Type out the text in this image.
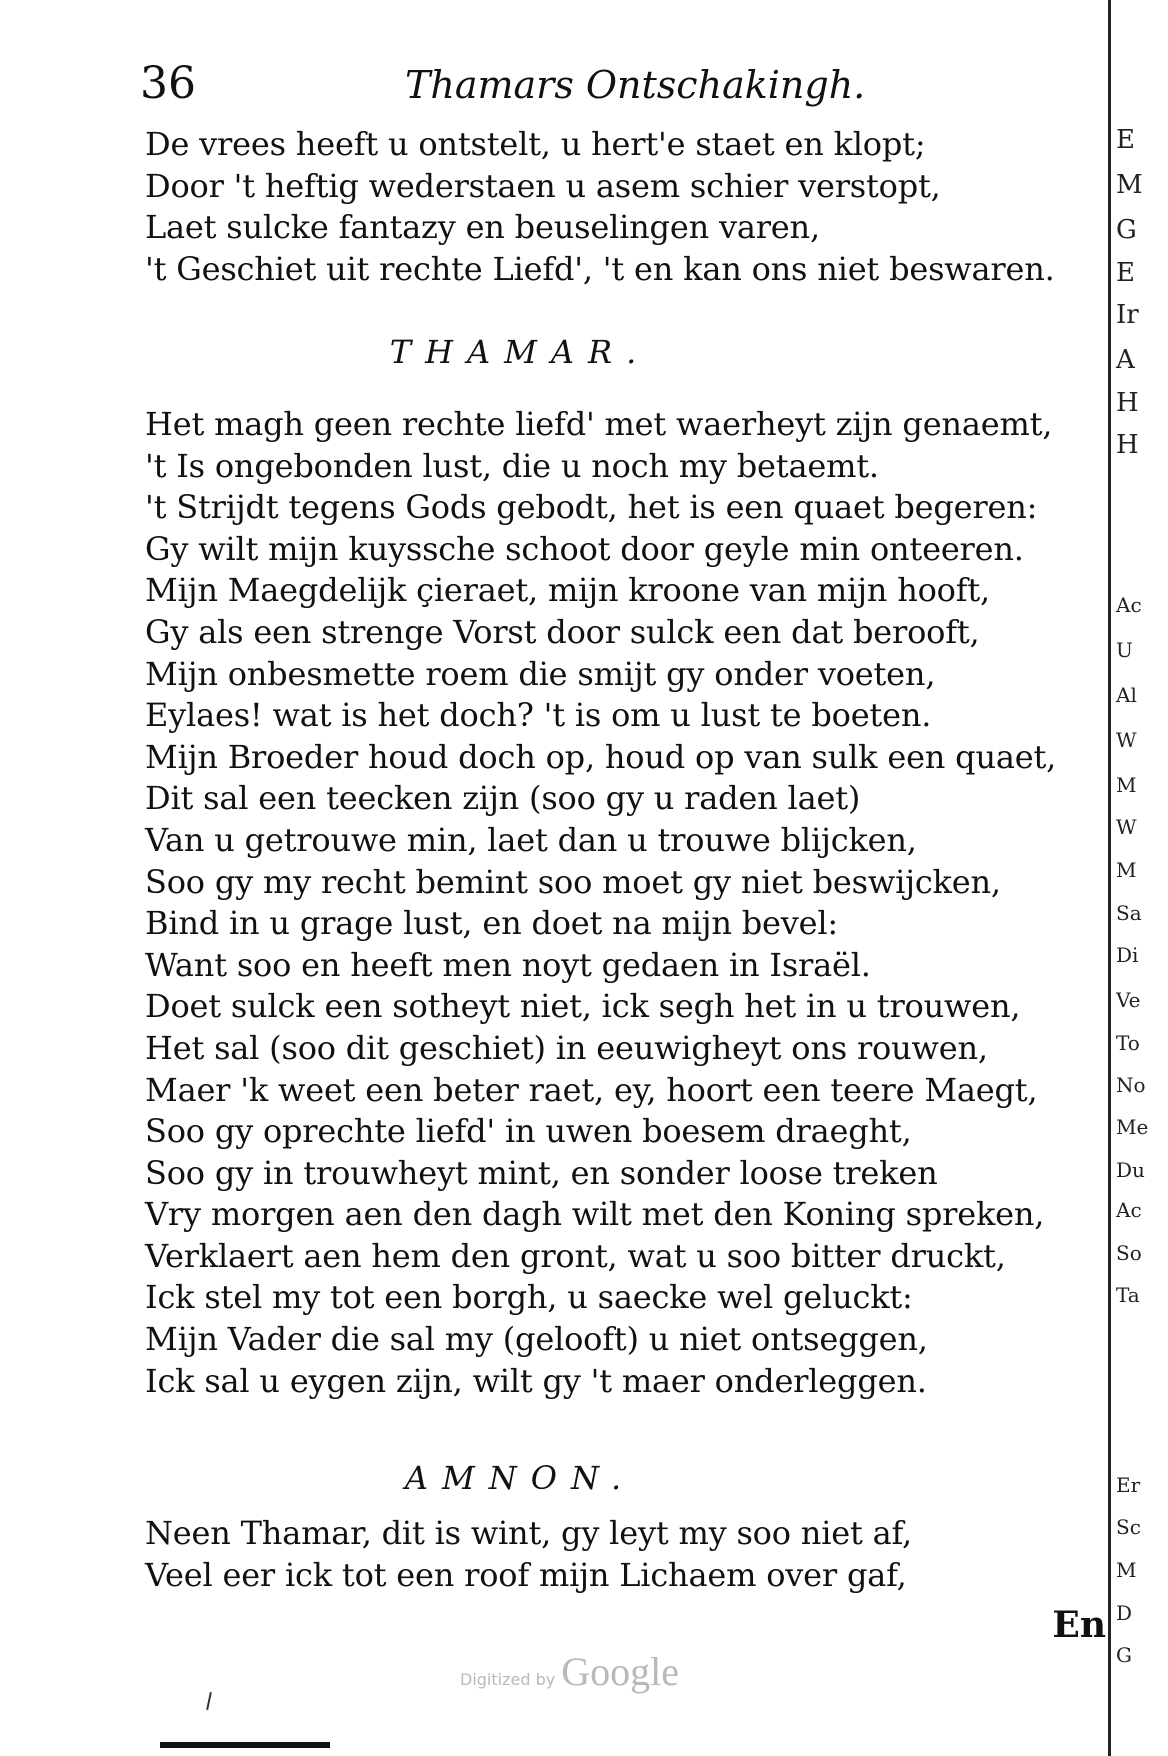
36	Thamars Ontschakingh.
De vrees heeft u ontstelt, u hert'e staet en klopt;
Door 't heftig wederstaen u asem schier verstopt,
Laet sulcke fantazy en beuselingen varen,
't Geschiet uit rechte Liefd', 't en kan ons niet beswaren.
THAMAR.
Het magh geen rechte liefd' met waerheyt zijn genaemt,
't Is ongebonden lust, die u noch my betaemt.
't Strijdt tegens Gods gebodt, het is een quaet begeren:
Gy wilt mijn kuyssche schoot door geyle min onteeren.
Mijn Maegdelijk çieraet, mijn kroone van mijn hooft,
Gy als een strenge Vorst door sulck een dat berooft,
Mijn onbesmette roem die smijt gy onder voeten,
Eylaes! wat is het doch? 't is om u lust te boeten.
Mijn Broeder houd doch op, houd op van sulk een quaet,
Dit sal een teecken zijn (soo gy u raden laet)
Van u getrouwe min, laet dan u trouwe blijcken,
Soo gy my recht bemint soo moet gy niet beswijcken,
Bind in u grage lust, en doet na mijn bevel:
Want soo en heeft men noyt gedaen in Israël.
Doet sulck een sotheyt niet, ick segh het in u trouwen,
Het sal (soo dit geschiet) in eeuwigheyt ons rouwen,
Maer 'k weet een beter raet, ey, hoort een teere Maegt,
Soo gy oprechte liefd' in uwen boesem draeght,
Soo gy in trouwheyt mint, en sonder loose treken
Vry morgen aen den dagh wilt met den Koning spreken,
Verklaert aen hem den gront, wat u soo bitter druckt,
Ick stel my tot een borgh, u saecke wel geluckt:
Mijn Vader die sal my (gelooft) u niet ontseggen,
Ick sal u eygen zijn, wilt gy 't maer onderleggen.
AMNON.
Neen Thamar, dit is wint, gy leyt my soo niet af,
Veel eer ick tot een roof mijn Lichaem over gaf,
En
E
M
G
E
Ir
A
H
H
Ac
U
Al
W
M
W
M
Sa
Di
Ve
To
No
Me
Du
Ac
So
Ta
Er
Sc
M
D
G
Digitized by Google
